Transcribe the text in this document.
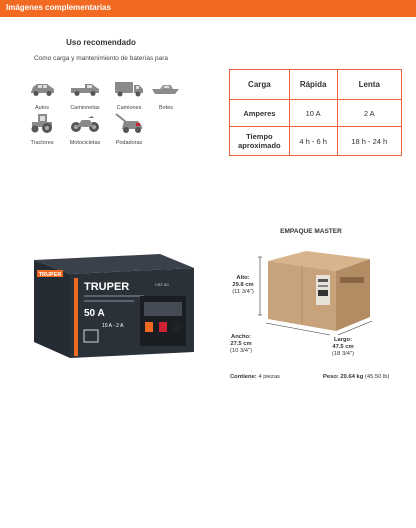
Imágenes complementarias
Uso recomendado
Como carga y mantenimiento de baterías para
Autos	Camionetas	Camiones	Botes
Tractores	Motocicletas	Podadoras
Carga	Rápida	Lenta
Amperes	10 A	2 A
Tiempo
aproximado	4 h - 6 h	18 h - 24 h
TRUPER
TRUPER	CBT-50
50 A
10 A - 2 A
EMPAQUE MASTER
Alto:
29.8 cm
(11 3/4")
Ancho:
27.5 cm
(10 3/4")
Largo:
47.5 cm
(18 3/4")
Contiene: 4 piezas	Peso: 20.64 kg (45.50 lb)
